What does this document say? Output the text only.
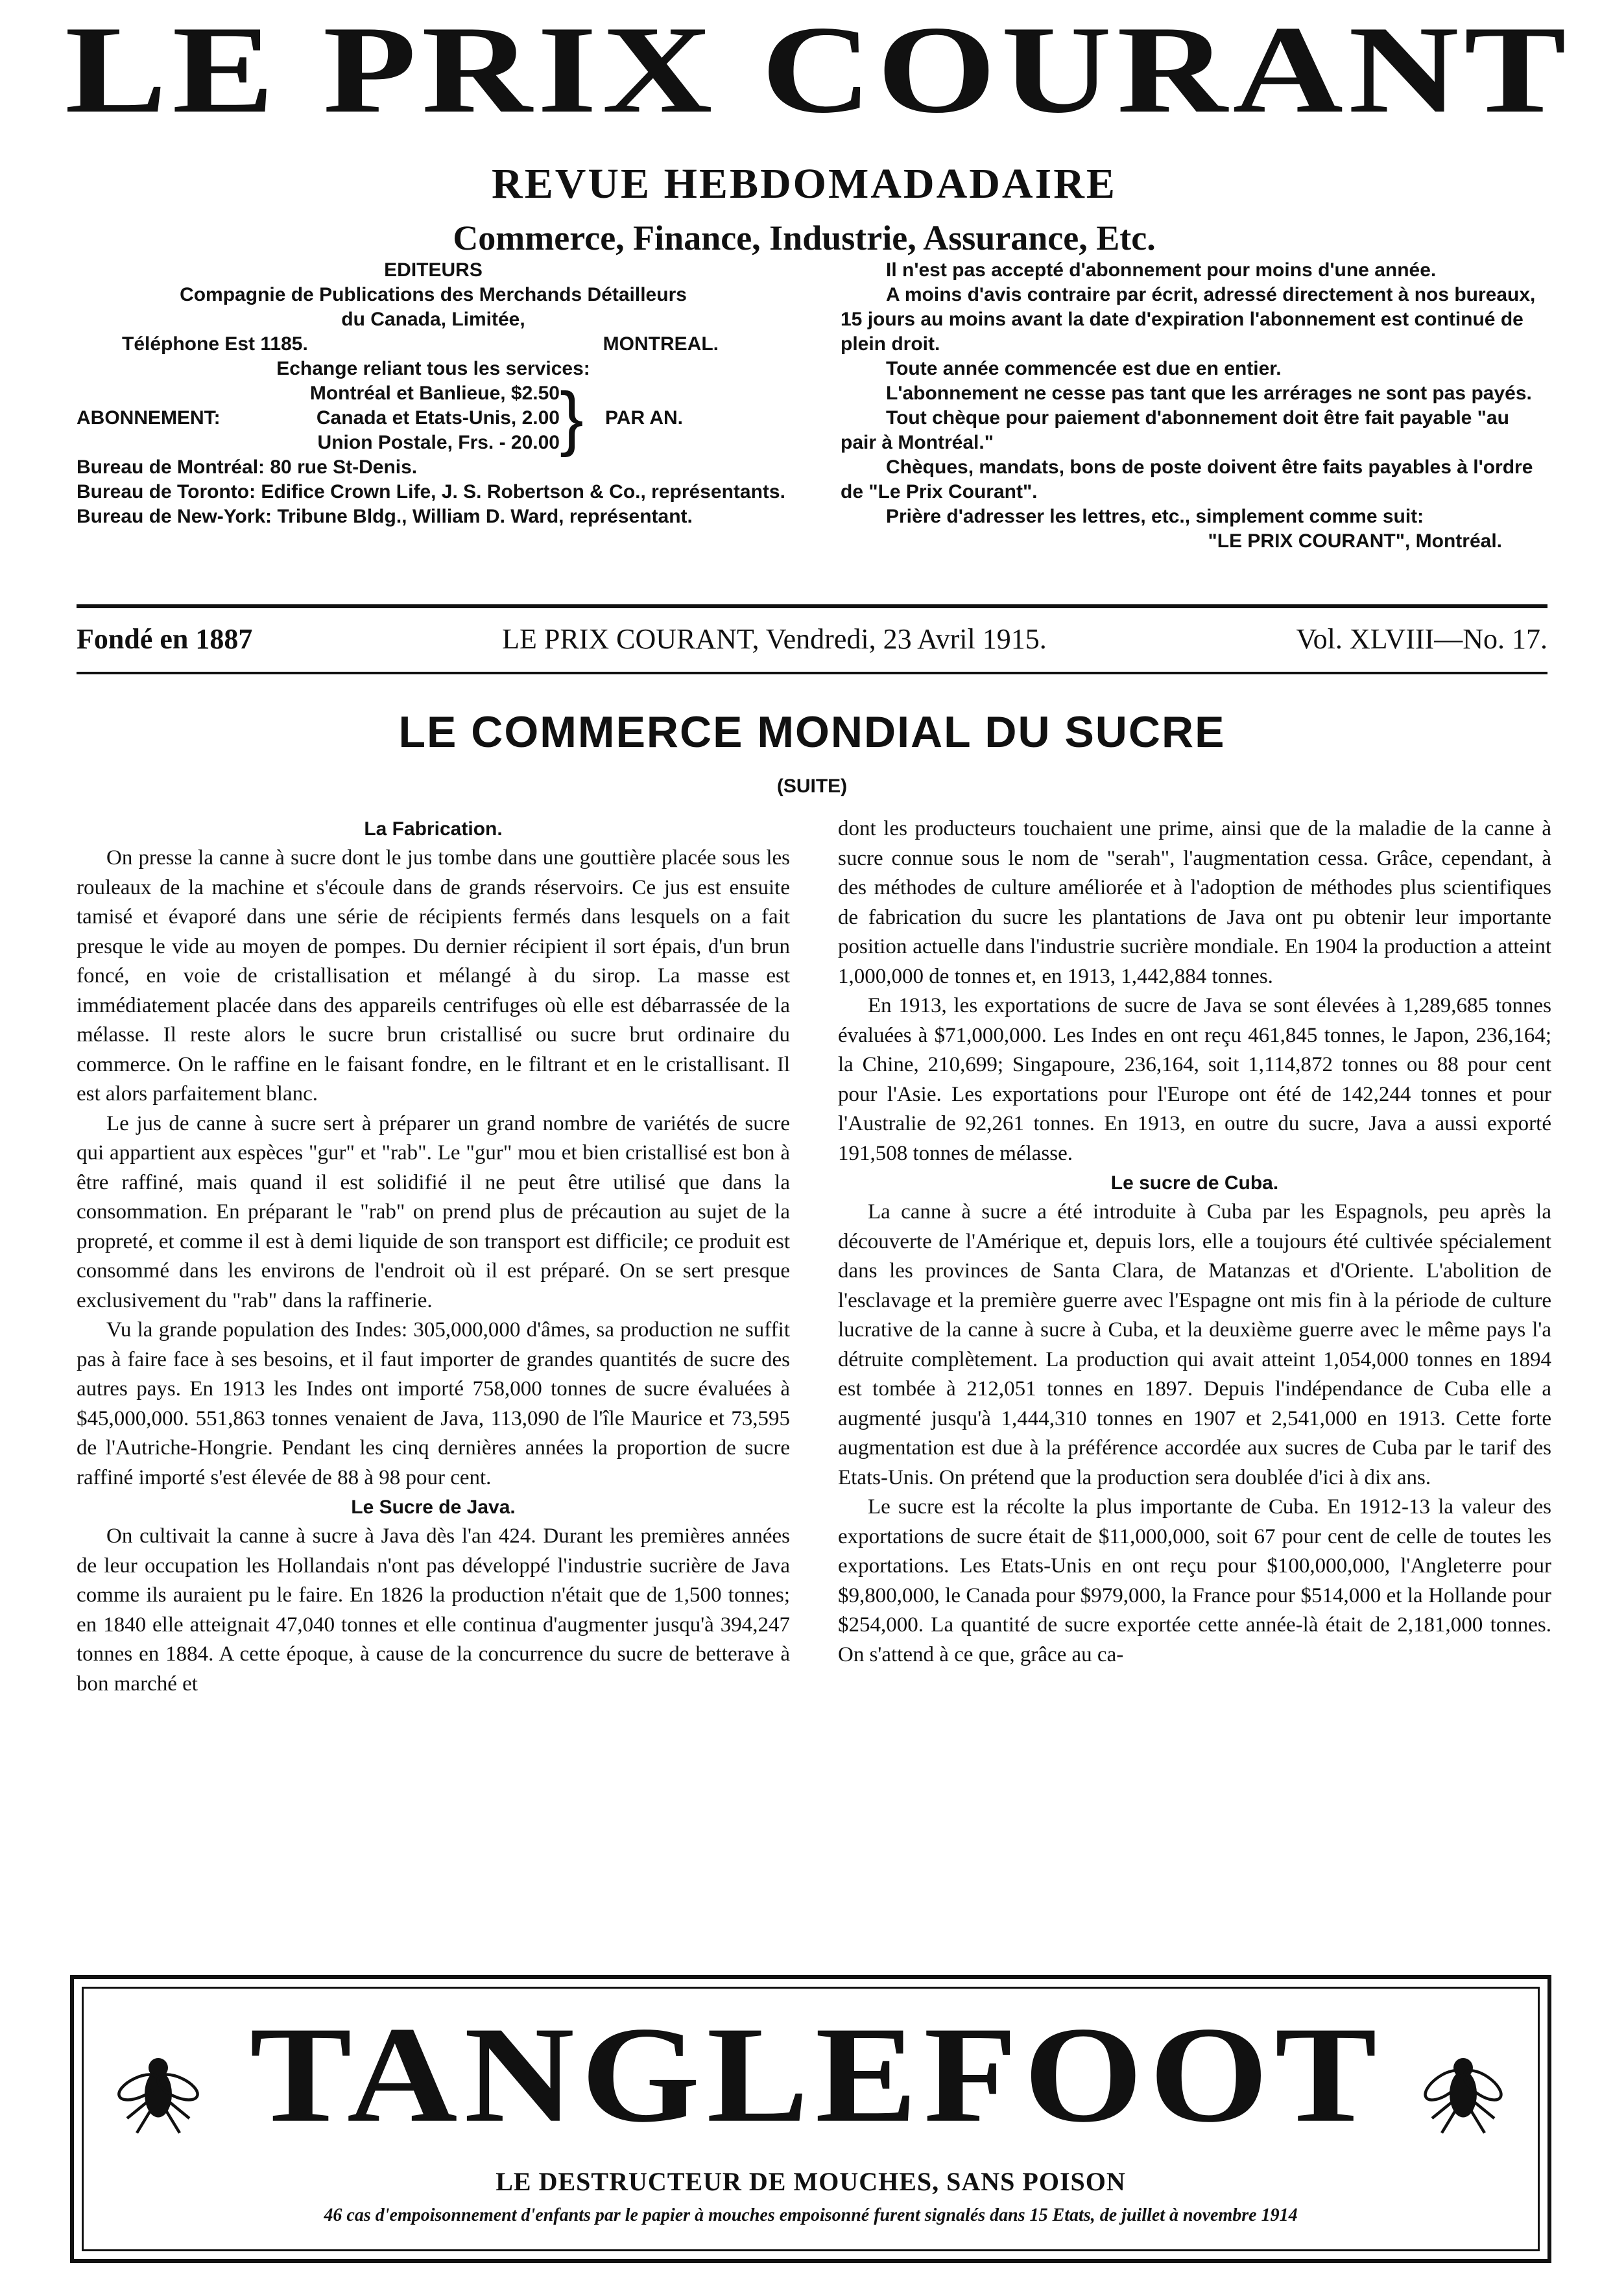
LE PRIX COURANT
REVUE HEBDOMADADAIRE
Commerce, Finance, Industrie, Assurance, Etc.
EDITEURS
Compagnie de Publications des Merchands Détailleurs
du Canada, Limitée,
Téléphone Est 1185.	MONTREAL.
Echange reliant tous les services:
ABONNEMENT:
Montréal et Banlieue, $2.50
Canada et Etats-Unis, 2.00
Union Postale, Frs. - 20.00 }	PAR AN.
Bureau de Montréal: 80 rue St-Denis.
Bureau de Toronto: Edifice Crown Life, J. S. Robertson & Co., représentants.
Bureau de New-York: Tribune Bldg., William D. Ward, représentant.
Il n'est pas accepté d'abonnement pour moins d'une année.
A moins d'avis contraire par écrit, adressé directement à nos bureaux, 15 jours au moins avant la date d'expiration l'abonnement est continué de plein droit.
Toute année commencée est due en entier.
L'abonnement ne cesse pas tant que les arrérages ne sont pas payés.
Tout chèque pour paiement d'abonnement doit être fait payable "au pair à Montréal."
Chèques, mandats, bons de poste doivent être faits payables à l'ordre de "Le Prix Courant".
Prière d'adresser les lettres, etc., simplement comme suit:
"LE PRIX COURANT", Montréal.
Fondé en 1887	LE PRIX COURANT, Vendredi, 23 Avril 1915.	Vol. XLVIII—No. 17.
LE COMMERCE MONDIAL DU SUCRE
(SUITE)
La Fabrication.

On presse la canne à sucre dont le jus tombe dans une gouttière placée sous les rouleaux de la machine et s'écoule dans de grands réservoirs. Ce jus est ensuite tamisé et évaporé dans une série de récipients fermés dans lesquels on a fait presque le vide au moyen de pompes. Du dernier récipient il sort épais, d'un brun foncé, en voie de cristallisation et mélangé à du sirop. La masse est immédiatement placée dans des appareils centrifuges où elle est débarrassée de la mélasse. Il reste alors le sucre brun cristallisé ou sucre brut ordinaire du commerce. On le raffine en le faisant fondre, en le filtrant et en le cristallisant. Il est alors parfaitement blanc.

Le jus de canne à sucre sert à préparer un grand nombre de variétés de sucre qui appartient aux espèces "gur" et "rab". Le "gur" mou et bien cristallisé est bon à être raffiné, mais quand il est solidifié il ne peut être utilisé que dans la consommation. En préparant le "rab" on prend plus de précaution au sujet de la propreté, et comme il est à demi liquide de son transport est difficile; ce produit est consommé dans les environs de l'endroit où il est préparé. On se sert presque exclusivement du "rab" dans la raffinerie.

Vu la grande population des Indes: 305,000,000 d'âmes, sa production ne suffit pas à faire face à ses besoins, et il faut importer de grandes quantités de sucre des autres pays. En 1913 les Indes ont importé 758,000 tonnes de sucre évaluées à $45,000,000. 551,863 tonnes venaient de Java, 113,090 de l'île Maurice et 73,595 de l'Autriche-Hongrie. Pendant les cinq dernières années la proportion de sucre raffiné importé s'est élevée de 88 à 98 pour cent.

Le Sucre de Java.

On cultivait la canne à sucre à Java dès l'an 424. Durant les premières années de leur occupation les Hollandais n'ont pas développé l'industrie sucrière de Java comme ils auraient pu le faire. En 1826 la production n'était que de 1,500 tonnes; en 1840 elle atteignait 47,040 tonnes et elle continua d'augmenter jusqu'à 394,247 tonnes en 1884. A cette époque, à cause de la concurrence du sucre de betterave à bon marché et

dont les producteurs touchaient une prime, ainsi que de la maladie de la canne à sucre connue sous le nom de "serah", l'augmentation cessa. Grâce, cependant, à des méthodes de culture améliorée et à l'adoption de méthodes plus scientifiques de fabrication du sucre les plantations de Java ont pu obtenir leur importante position actuelle dans l'industrie sucrière mondiale. En 1904 la production a atteint 1,000,000 de tonnes et, en 1913, 1,442,884 tonnes.

En 1913, les exportations de sucre de Java se sont élevées à 1,289,685 tonnes évaluées à $71,000,000. Les Indes en ont reçu 461,845 tonnes, le Japon, 236,164; la Chine, 210,699; Singapoure, 236,164, soit 1,114,872 tonnes ou 88 pour cent pour l'Asie. Les exportations pour l'Europe ont été de 142,244 tonnes et pour l'Australie de 92,261 tonnes. En 1913, en outre du sucre, Java a aussi exporté 191,508 tonnes de mélasse.

Le sucre de Cuba.

La canne à sucre a été introduite à Cuba par les Espagnols, peu après la découverte de l'Amérique et, depuis lors, elle a toujours été cultivée spécialement dans les provinces de Santa Clara, de Matanzas et d'Oriente. L'abolition de l'esclavage et la première guerre avec l'Espagne ont mis fin à la période de culture lucrative de la canne à sucre à Cuba, et la deuxième guerre avec le même pays l'a détruite complètement. La production qui avait atteint 1,054,000 tonnes en 1894 est tombée à 212,051 tonnes en 1897. Depuis l'indépendance de Cuba elle a augmenté jusqu'à 1,444,310 tonnes en 1907 et 2,541,000 en 1913. Cette forte augmentation est due à la préférence accordée aux sucres de Cuba par le tarif des Etats-Unis. On prétend que la production sera doublée d'ici à dix ans.

Le sucre est la récolte la plus importante de Cuba. En 1912-13 la valeur des exportations de sucre était de $11,000,000, soit 67 pour cent de celle de toutes les exportations. Les Etats-Unis en ont reçu pour $100,000,000, l'Angleterre pour $9,800,000, le Canada pour $979,000, la France pour $514,000 et la Hollande pour $254,000. La quantité de sucre exportée cette année-là était de 2,181,000 tonnes. On s'attend à ce que, grâce au ca-

TANGLEFOOT
LE DESTRUCTEUR DE MOUCHES, SANS POISON
46 cas d'empoisonnement d'enfants par le papier à mouches empoisonné furent signalés dans 15 Etats, de juillet à novembre 1914
